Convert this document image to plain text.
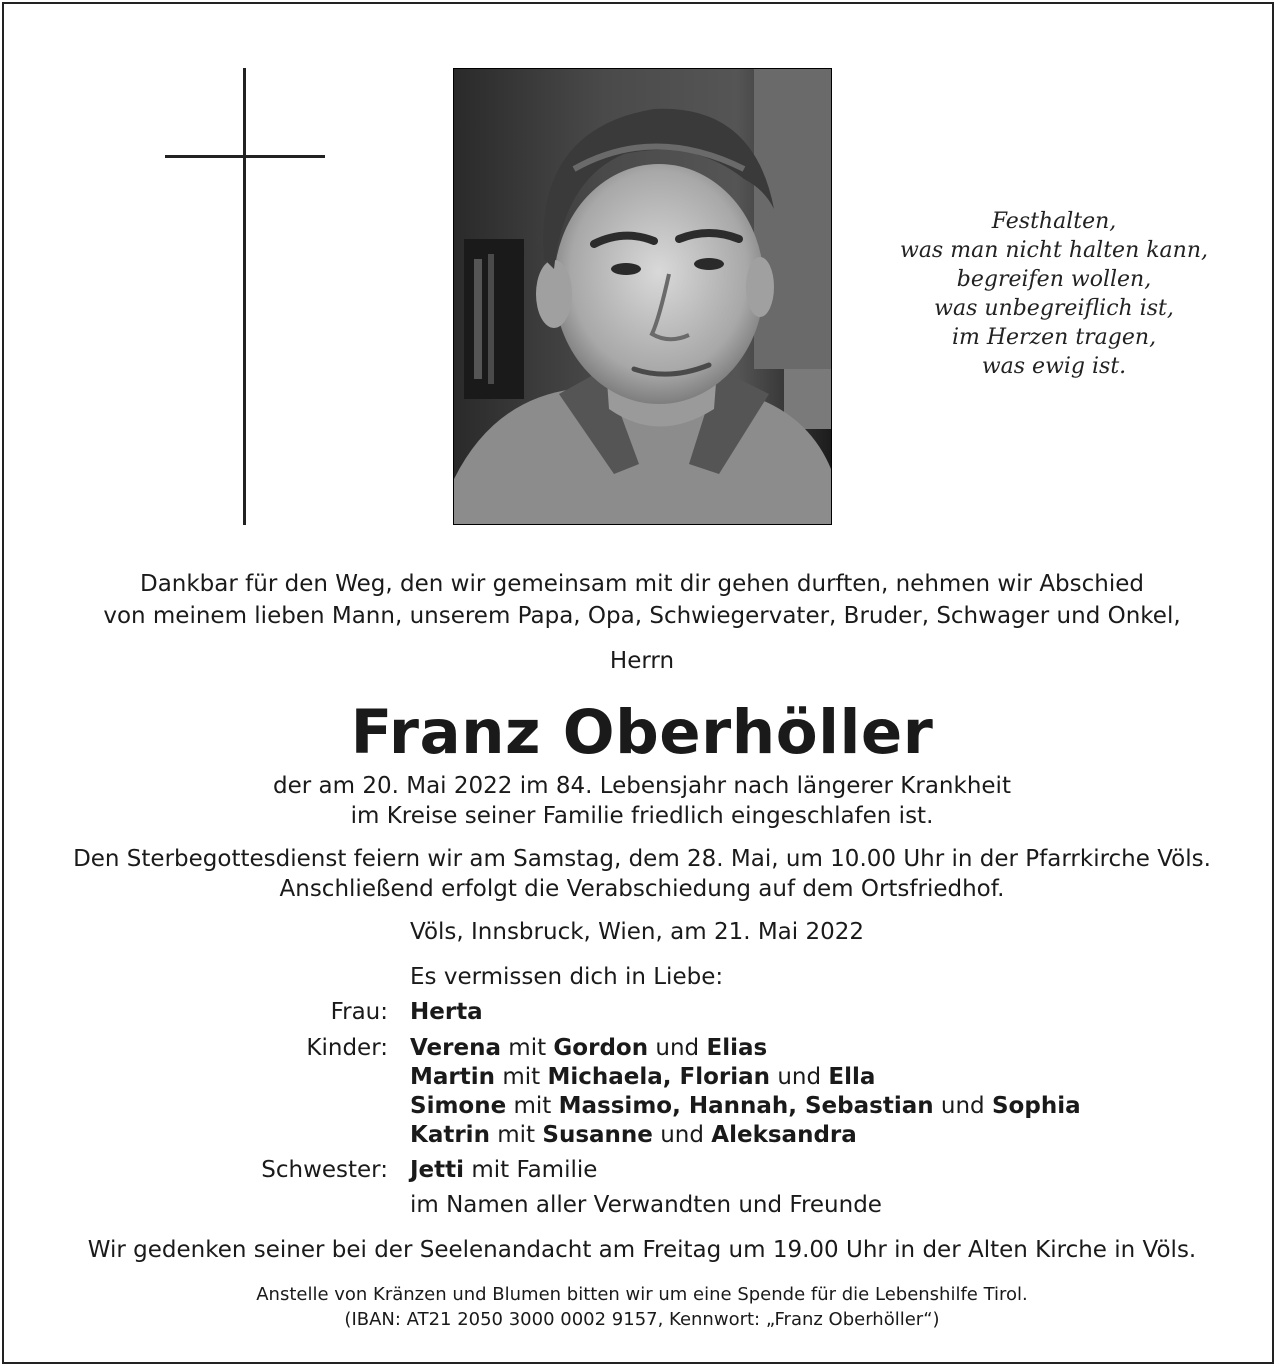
Festhalten,
was man nicht halten kann,
begreifen wollen,
was unbegreiflich ist,
im Herzen tragen,
was ewig ist.
Dankbar für den Weg, den wir gemeinsam mit dir gehen durften, nehmen wir Abschied
von meinem lieben Mann, unserem Papa, Opa, Schwiegervater, Bruder, Schwager und Onkel,
Herrn
Franz Oberhöller
der am 20. Mai 2022 im 84. Lebensjahr nach längerer Krankheit
im Kreise seiner Familie friedlich eingeschlafen ist.
Den Sterbegottesdienst feiern wir am Samstag, dem 28. Mai, um 10.00 Uhr in der Pfarrkirche Völs.
Anschließend erfolgt die Verabschiedung auf dem Ortsfriedhof.
Völs, Innsbruck, Wien, am 21. Mai 2022
Es vermissen dich in Liebe:
Frau: Herta
Kinder: Verena mit Gordon und Elias
Martin mit Michaela, Florian und Ella
Simone mit Massimo, Hannah, Sebastian und Sophia
Katrin mit Susanne und Aleksandra
Schwester: Jetti mit Familie
im Namen aller Verwandten und Freunde
Wir gedenken seiner bei der Seelenandacht am Freitag um 19.00 Uhr in der Alten Kirche in Völs.
Anstelle von Kränzen und Blumen bitten wir um eine Spende für die Lebenshilfe Tirol.
(IBAN: AT21 2050 3000 0002 9157, Kennwort: „Franz Oberhöller“)
